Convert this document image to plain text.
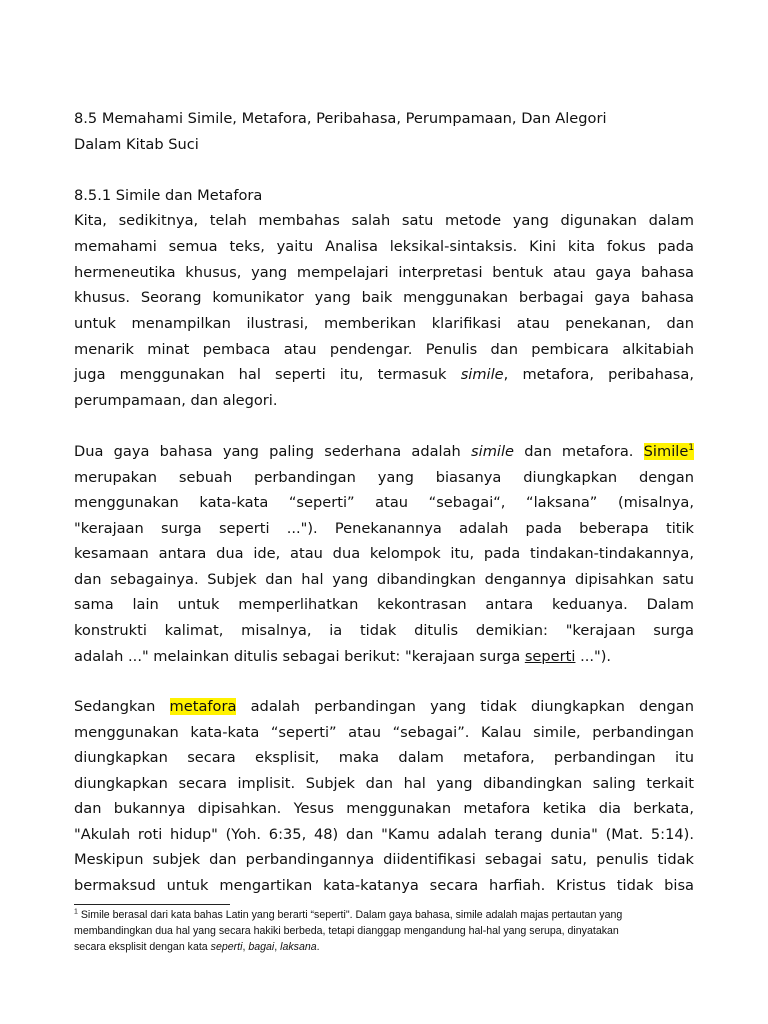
8.5 Memahami Simile, Metafora, Peribahasa, Perumpamaan, Dan Alegori
Dalam Kitab Suci
8.5.1 Simile dan Metafora
Kita, sedikitnya, telah membahas salah satu metode yang digunakan dalam
memahami semua teks, yaitu Analisa leksikal-sintaksis. Kini kita fokus pada
hermeneutika khusus, yang mempelajari interpretasi bentuk atau gaya bahasa
khusus. Seorang komunikator yang baik menggunakan berbagai gaya bahasa
untuk menampilkan ilustrasi, memberikan klarifikasi atau penekanan, dan
menarik minat pembaca atau pendengar. Penulis dan pembicara alkitabiah
juga menggunakan hal seperti itu, termasuk simile, metafora, peribahasa,
perumpamaan, dan alegori.
Dua gaya bahasa yang paling sederhana adalah simile dan metafora. Simile$^1$
merupakan sebuah perbandingan yang biasanya diungkapkan dengan
menggunakan kata-kata “seperti” atau “sebagai“, “laksana” (misalnya,
"kerajaan surga seperti ..."). Penekanannya adalah pada beberapa titik
kesamaan antara dua ide, atau dua kelompok itu, pada tindakan-tindakannya,
dan sebagainya. Subjek dan hal yang dibandingkan dengannya dipisahkan satu
sama lain untuk memperlihatkan kekontrasan antara keduanya. Dalam
konstrukti kalimat, misalnya, ia tidak ditulis demikian: "kerajaan surga
adalah ..." melainkan ditulis sebagai berikut: "kerajaan surga seperti ...").
Sedangkan metafora adalah perbandingan yang tidak diungkapkan dengan
menggunakan kata-kata “seperti” atau “sebagai”. Kalau simile, perbandingan
diungkapkan secara eksplisit, maka dalam metafora, perbandingan itu
diungkapkan secara implisit. Subjek dan hal yang dibandingkan saling terkait
dan bukannya dipisahkan. Yesus menggunakan metafora ketika dia berkata,
"Akulah roti hidup" (Yoh. 6:35, 48) dan "Kamu adalah terang dunia" (Mat. 5:14).
Meskipun subjek dan perbandingannya diidentifikasi sebagai satu, penulis tidak
bermaksud untuk mengartikan kata-katanya secara harfiah. Kristus tidak bisa
$^1$ Simile berasal dari kata bahas Latin yang berarti “seperti". Dalam gaya bahasa, simile adalah majas pertautan yang
membandingkan dua hal yang secara hakiki berbeda, tetapi dianggap mengandung hal-hal yang serupa, dinyatakan
secara eksplisit dengan kata seperti, bagai, laksana.
